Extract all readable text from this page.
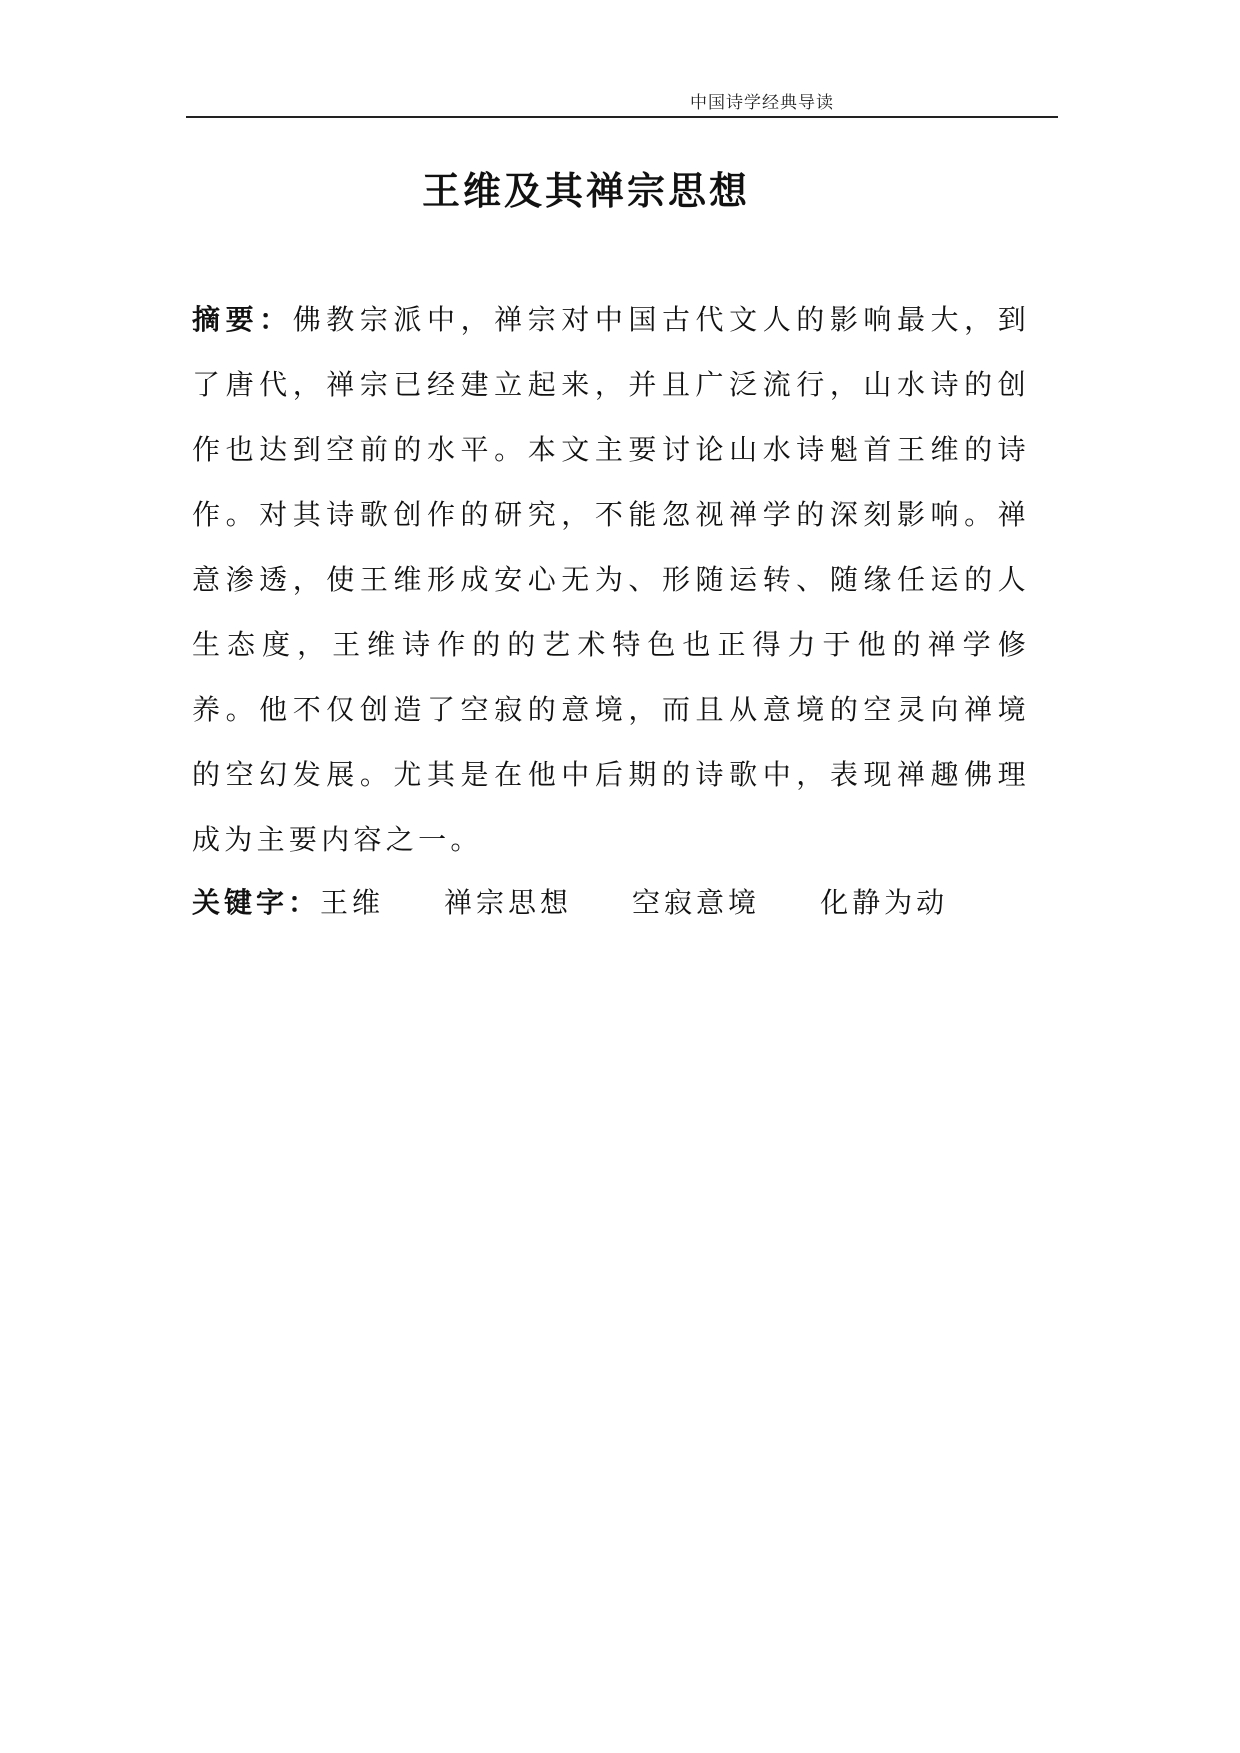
中国诗学经典导读
王维及其禅宗思想

摘要：佛教宗派中，禅宗对中国古代文人的影响最大，到了唐代，禅宗已经建立起来，并且广泛流行，山水诗的创作也达到空前的水平。本文主要讨论山水诗魁首王维的诗作。对其诗歌创作的研究，不能忽视禅学的深刻影响。禅意渗透，使王维形成安心无为、形随运转、随缘任运的人生态度，王维诗作的的艺术特色也正得力于他的禅学修养。他不仅创造了空寂的意境，而且从意境的空灵向禅境的空幻发展。尤其是在他中后期的诗歌中，表现禅趣佛理成为主要内容之一。

关键字：王维 禅宗思想 空寂意境 化静为动
